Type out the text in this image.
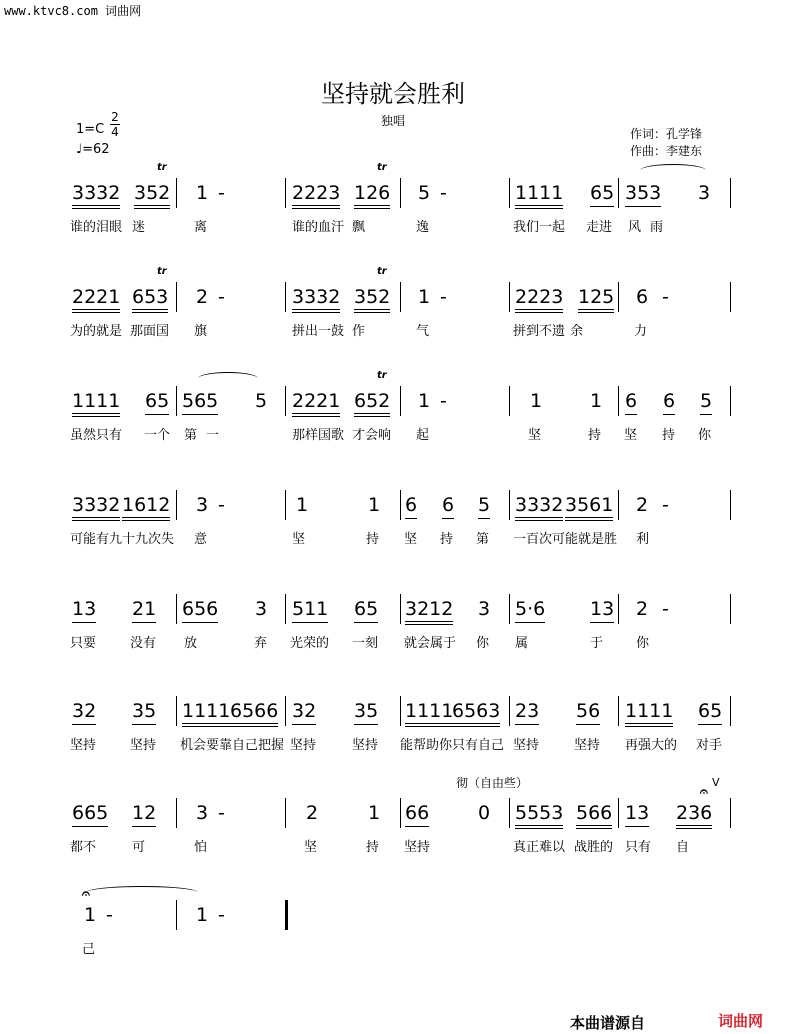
www.ktvc8.com 词曲网
坚持就会胜利
独唱
1=C
2
4
♩=62
作词：孔学锋
作曲：李建东
3332 352
tr
1 -	2223 126
tr
5 -	1111 65 353 3
谁的泪眼 迷	离	谁的血汗 飘	逸	我们一起 走进 风 雨
2221 653
tr
2 -	3332 352
tr
1 -	2223 125 6 -
为的就是 那面国 旗	拼出一鼓 作	气	拼到不遗 余	力
1111 65 565 5 2221 652
tr
1 -	1	1 6 6 5
虽然只有 一个 第 一	那样国歌 才会响 起	坚	持 坚 持 你
3332 1612 3 -	1	1 6 6 5 3332 3561 2 -
可能有九十九次失 意	坚	持 坚 持 第 一百次可能就是胜 利
13 21 656 3 511 65 3212 3 5·6 13 2 -
只要	没有 放	弃 光荣的 一刻 就会属于 你 属	于	你
32 35 1111 6566 32 35 1111
6563 23 56 1111 65
坚持	坚持 机会要靠自己把握 坚持	坚持 能帮助你只有自己 坚持	坚持 再强大的 对手
彻（自由些）
665 12 3 -	2	1 66	0 5553 566 13 236
𝄐
V
都不	可	怕	坚	持 坚持	真正难以 战胜的 只有 自
𝄐
1 -	1 -
己
本曲谱源自	词曲网
